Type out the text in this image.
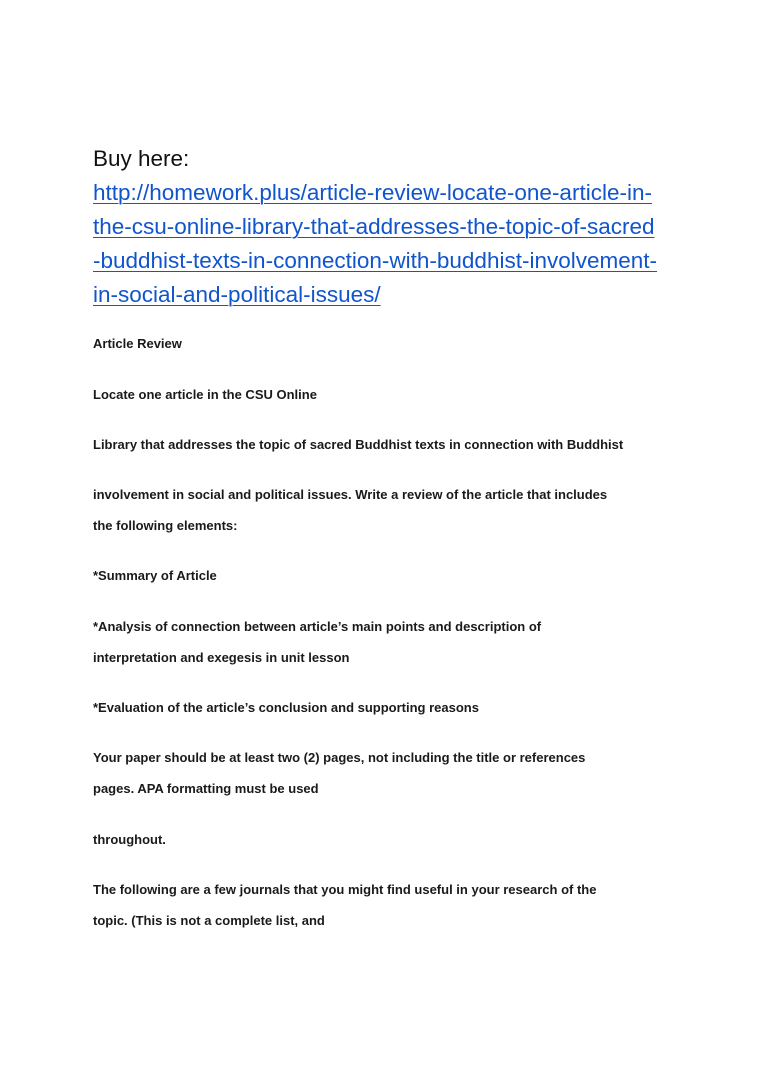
Buy here:
http://homework.plus/article-review-locate-one-article-in-
the-csu-online-library-that-addresses-the-topic-of-sacred
-buddhist-texts-in-connection-with-buddhist-involvement-
in-social-and-political-issues/

Article Review

Locate one article in the CSU Online

Library that addresses the topic of sacred Buddhist texts in connection with Buddhist

involvement in social and political issues. Write a review of the article that includes

the following elements:

*Summary of Article

*Analysis of connection between article’s main points and description of

interpretation and exegesis in unit lesson

*Evaluation of the article’s conclusion and supporting reasons

Your paper should be at least two (2) pages, not including the title or references

pages. APA formatting must be used

throughout.

The following are a few journals that you might find useful in your research of the

topic. (This is not a complete list, and
